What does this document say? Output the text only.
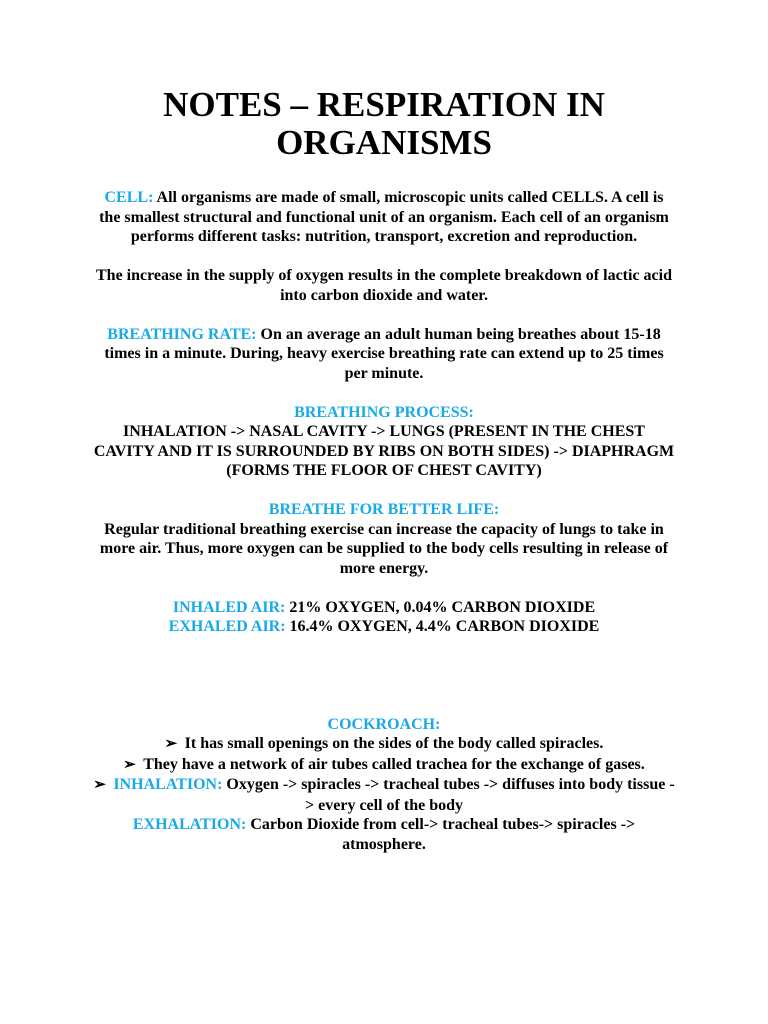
NOTES – RESPIRATION IN ORGANISMS

CELL: All organisms are made of small, microscopic units called CELLS. A cell is the smallest structural and functional unit of an organism. Each cell of an organism performs different tasks: nutrition, transport, excretion and reproduction.

The increase in the supply of oxygen results in the complete breakdown of lactic acid into carbon dioxide and water.

BREATHING RATE: On an average an adult human being breathes about 15-18 times in a minute. During, heavy exercise breathing rate can extend up to 25 times per minute.

BREATHING PROCESS:
INHALATION -> NASAL CAVITY -> LUNGS (PRESENT IN THE CHEST CAVITY AND IT IS SURROUNDED BY RIBS ON BOTH SIDES) -> DIAPHRAGM (FORMS THE FLOOR OF CHEST CAVITY)

BREATHE FOR BETTER LIFE:
Regular traditional breathing exercise can increase the capacity of lungs to take in more air. Thus, more oxygen can be supplied to the body cells resulting in release of more energy.

INHALED AIR: 21% OXYGEN, 0.04% CARBON DIOXIDE
EXHALED AIR: 16.4% OXYGEN, 4.4% CARBON DIOXIDE

COCKROACH:
➢ It has small openings on the sides of the body called spiracles.
➢ They have a network of air tubes called trachea for the exchange of gases.
➢ INHALATION: Oxygen -> spiracles -> tracheal tubes -> diffuses into body tissue -> every cell of the body
EXHALATION: Carbon Dioxide from cell-> tracheal tubes-> spiracles -> atmosphere.
